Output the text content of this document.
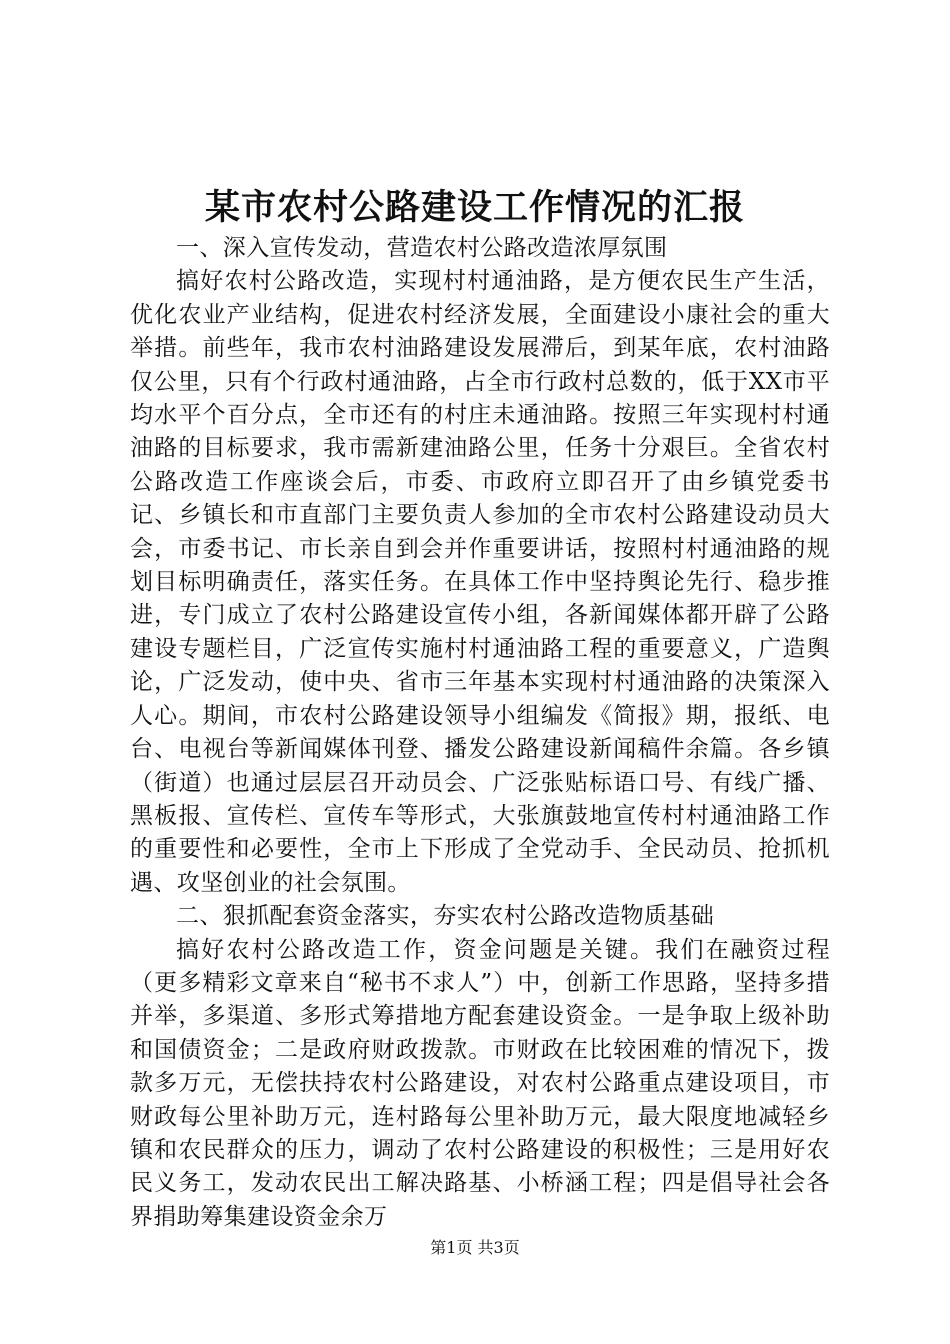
某市农村公路建设工作情况的汇报

一、深入宣传发动，营造农村公路改造浓厚氛围

搞好农村公路改造，实现村村通油路，是方便农民生产生活，优化农业产业结构，促进农村经济发展，全面建设小康社会的重大举措。前些年，我市农村油路建设发展滞后，到某年底，农村油路仅公里，只有个行政村通油路，占全市行政村总数的，低于XX市平均水平个百分点，全市还有的村庄未通油路。按照三年实现村村通油路的目标要求，我市需新建油路公里，任务十分艰巨。全省农村公路改造工作座谈会后，市委、市政府立即召开了由乡镇党委书记、乡镇长和市直部门主要负责人参加的全市农村公路建设动员大会，市委书记、市长亲自到会并作重要讲话，按照村村通油路的规划目标明确责任，落实任务。在具体工作中坚持舆论先行、稳步推进，专门成立了农村公路建设宣传小组，各新闻媒体都开辟了公路建设专题栏目，广泛宣传实施村村通油路工程的重要意义，广造舆论，广泛发动，使中央、省市三年基本实现村村通油路的决策深入人心。期间，市农村公路建设领导小组编发《简报》期，报纸、电台、电视台等新闻媒体刊登、播发公路建设新闻稿件余篇。各乡镇（街道）也通过层层召开动员会、广泛张贴标语口号、有线广播、黑板报、宣传栏、宣传车等形式，大张旗鼓地宣传村村通油路工作的重要性和必要性，全市上下形成了全党动手、全民动员、抢抓机遇、攻坚创业的社会氛围。

二、狠抓配套资金落实，夯实农村公路改造物质基础

搞好农村公路改造工作，资金问题是关键。我们在融资过程（更多精彩文章来自“秘书不求人”）中，创新工作思路，坚持多措并举，多渠道、多形式筹措地方配套建设资金。一是争取上级补助和国债资金；二是政府财政拨款。市财政在比较困难的情况下，拨款多万元，无偿扶持农村公路建设，对农村公路重点建设项目，市财政每公里补助万元，连村路每公里补助万元，最大限度地减轻乡镇和农民群众的压力，调动了农村公路建设的积极性；三是用好农民义务工，发动农民出工解决路基、小桥涵工程；四是倡导社会各界捐助筹集建设资金余万

第1页 共3页
